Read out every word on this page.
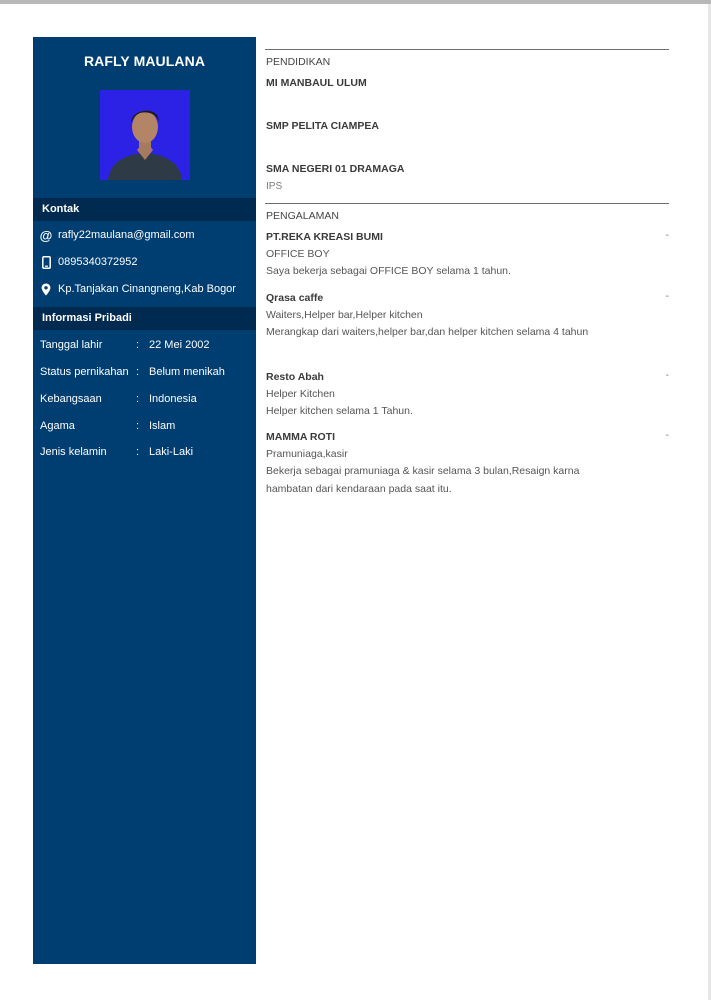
RAFLY MAULANA
Kontak
@ rafly22maulana@gmail.com
0895340372952
Kp.Tanjakan Cinangneng,Kab Bogor
Informasi Pribadi
Tanggal lahir	: 22 Mei 2002
Status pernikahan : Belum menikah
Kebangsaan	: Indonesia
Agama	: Islam
Jenis kelamin	: Laki-Laki
PENDIDIKAN
MI MANBAUL ULUM
SMP PELITA CIAMPEA
SMA NEGERI 01 DRAMAGA
IPS
PENGALAMAN
PT.REKA KREASI BUMI	-
OFFICE BOY
Saya bekerja sebagai OFFICE BOY selama 1 tahun.
Qrasa caffe	-
Waiters,Helper bar,Helper kitchen
Merangkap dari waiters,helper bar,dan helper kitchen selama 4 tahun
Resto Abah	-
Helper Kitchen
Helper kitchen selama 1 Tahun.
MAMMA ROTI	-
Pramuniaga,kasir
Bekerja sebagai pramuniaga & kasir selama 3 bulan,Resaign karna hambatan dari kendaraan pada saat itu.
